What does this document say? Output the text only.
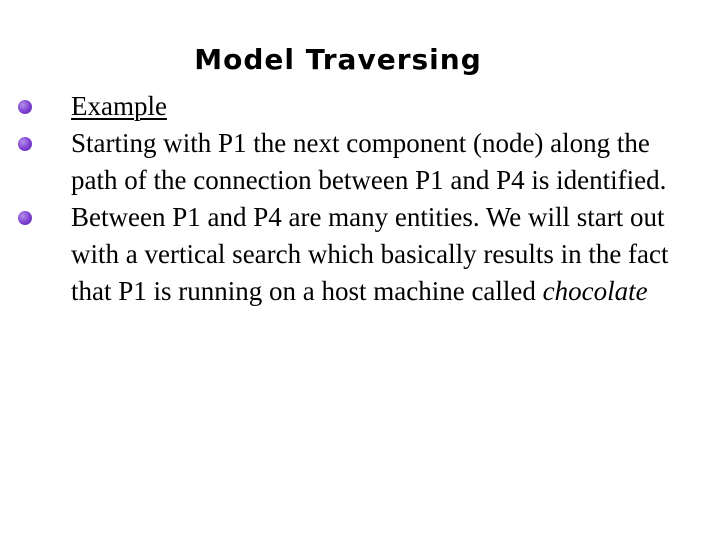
Model Traversing
Example
Starting with P1 the next component (node) along the path of the connection between P1 and P4 is identified.
Between P1 and P4 are many entities. We will start out with a vertical search which basically results in the fact that P1 is running on a host machine called chocolate
